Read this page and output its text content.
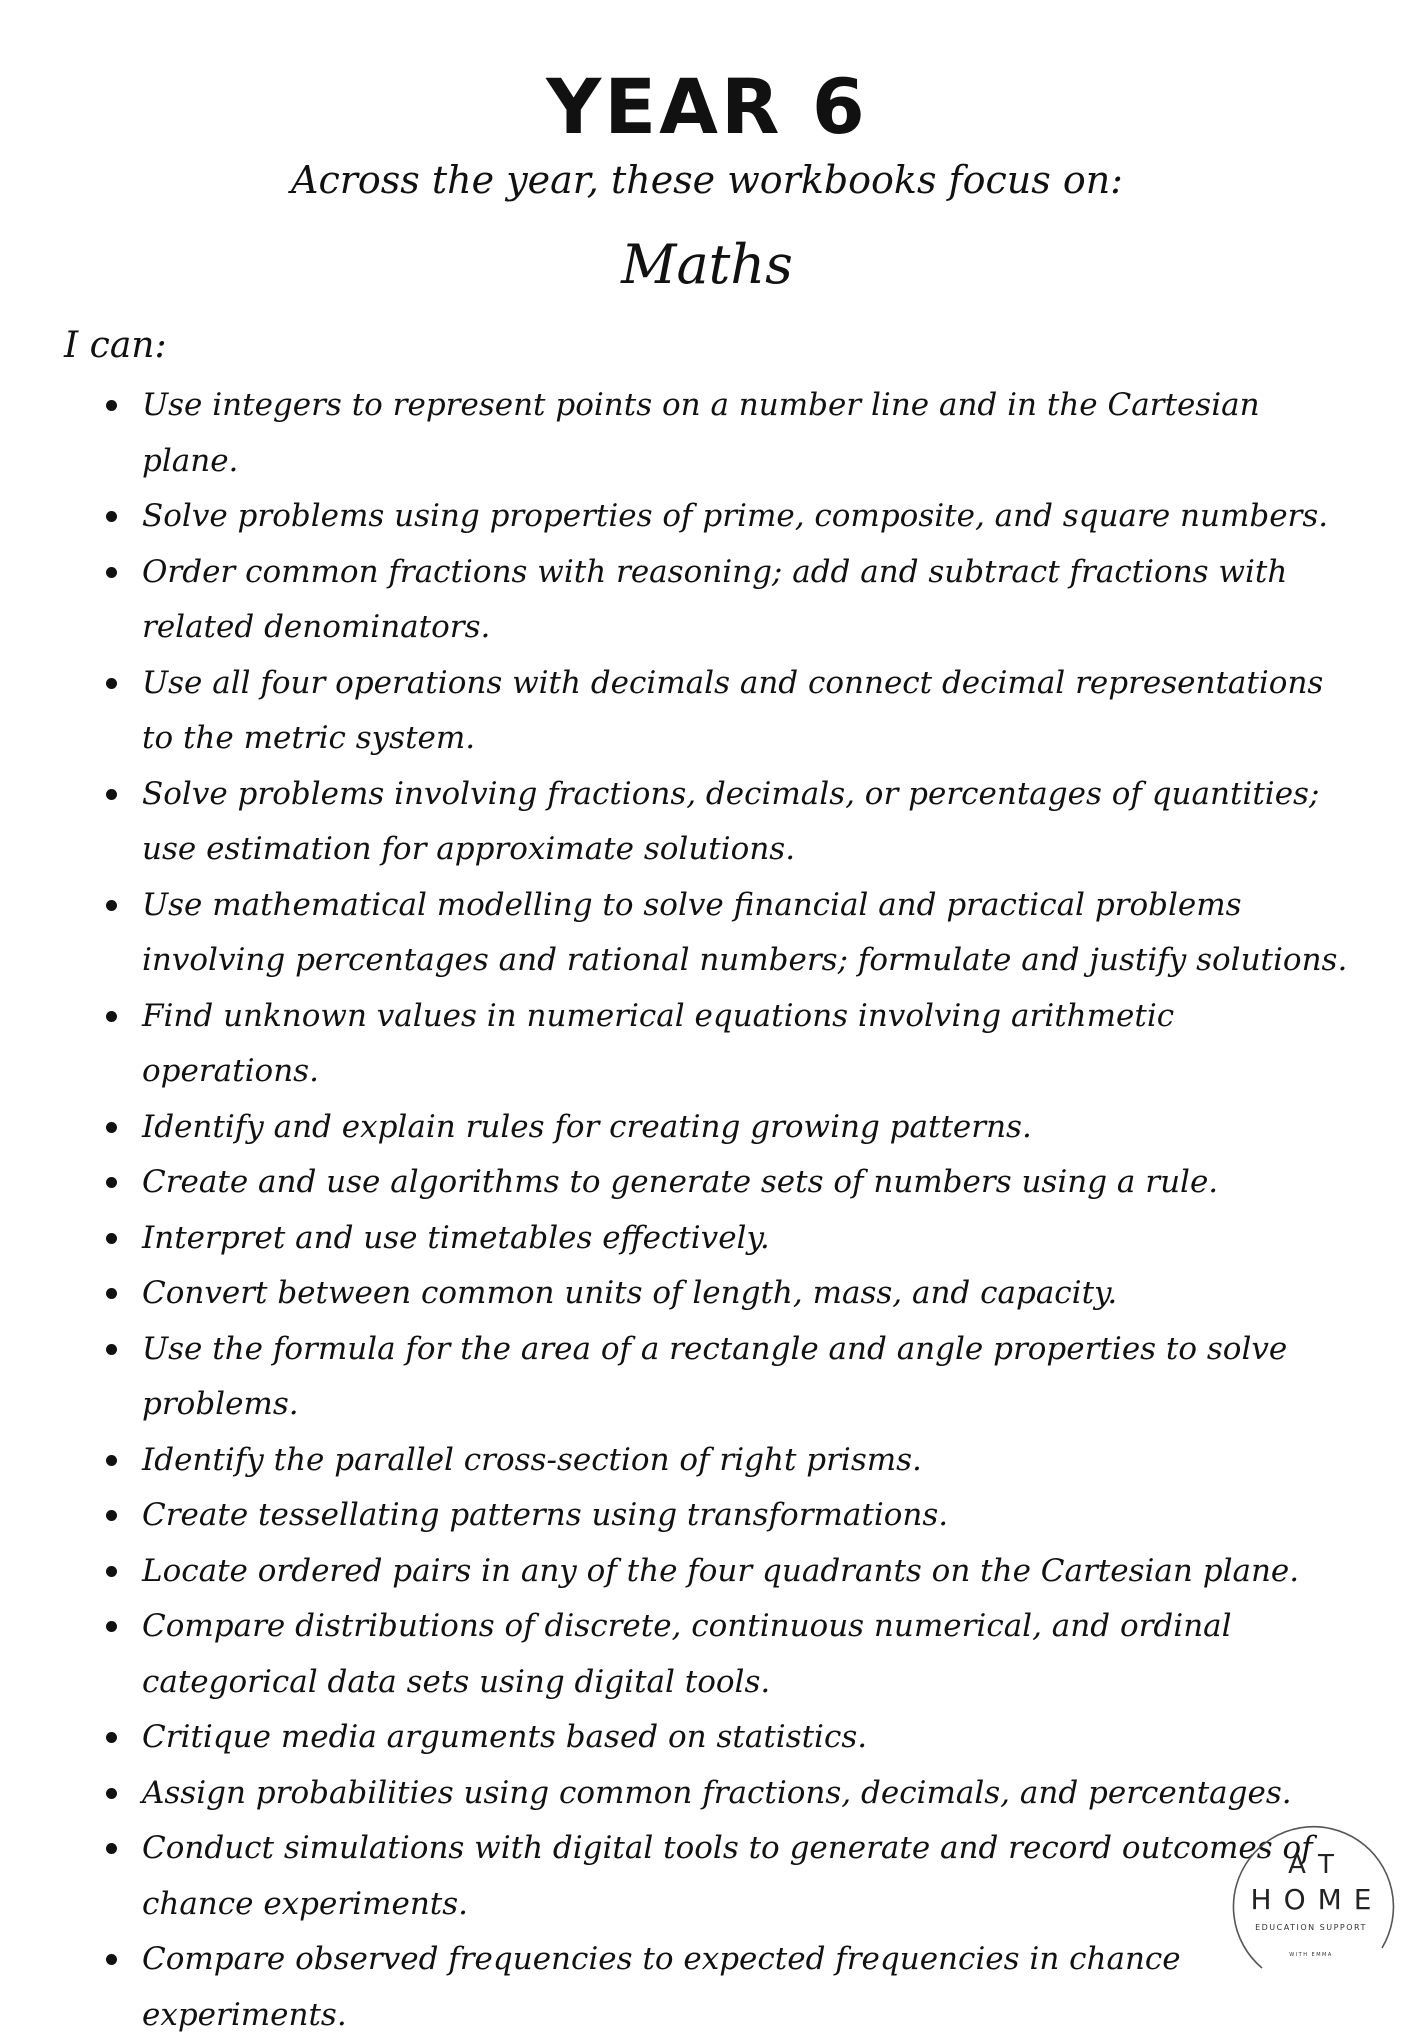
YEAR 6
Across the year, these workbooks focus on:
Maths
I can:
Use integers to represent points on a number line and in the Cartesian plane.
Solve problems using properties of prime, composite, and square numbers.
Order common fractions with reasoning; add and subtract fractions with related denominators.
Use all four operations with decimals and connect decimal representations to the metric system.
Solve problems involving fractions, decimals, or percentages of quantities; use estimation for approximate solutions.
Use mathematical modelling to solve financial and practical problems involving percentages and rational numbers; formulate and justify solutions.
Find unknown values in numerical equations involving arithmetic operations.
Identify and explain rules for creating growing patterns.
Create and use algorithms to generate sets of numbers using a rule.
Interpret and use timetables effectively.
Convert between common units of length, mass, and capacity.
Use the formula for the area of a rectangle and angle properties to solve problems.
Identify the parallel cross-section of right prisms.
Create tessellating patterns using transformations.
Locate ordered pairs in any of the four quadrants on the Cartesian plane.
Compare distributions of discrete, continuous numerical, and ordinal categorical data sets using digital tools.
Critique media arguments based on statistics.
Assign probabilities using common fractions, decimals, and percentages.
Conduct simulations with digital tools to generate and record outcomes of chance experiments.
Compare observed frequencies to expected frequencies in chance experiments.
AT
HOME
EDUCATION SUPPORT
WITH EMMA
